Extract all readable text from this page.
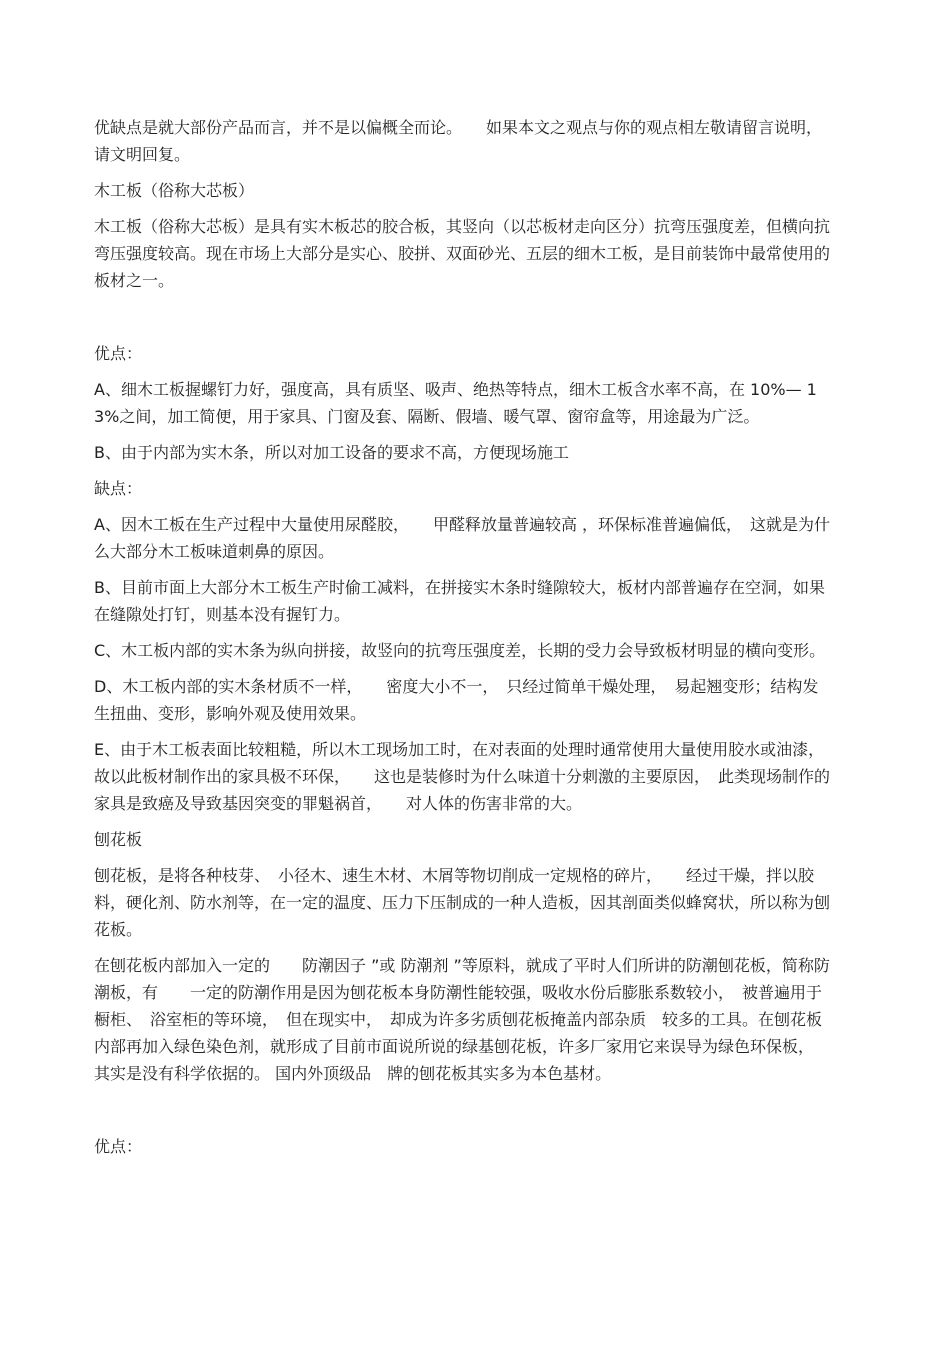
优缺点是就大部份产品而言，并不是以偏概全而论。　　如果本文之观点与你的观点相左敬请留言说明，请文明回复。

木工板（俗称大芯板）

木工板（俗称大芯板）是具有实木板芯的胶合板，其竖向（以芯板材走向区分）抗弯压强度差，但横向抗弯压强度较高。现在市场上大部分是实心、胶拼、双面砂光、五层的细木工板，是目前装饰中最常使用的板材之一。

优点：

A、细木工板握螺钉力好，强度高，具有质坚、吸声、绝热等特点，细木工板含水率不高，在 10%— 13%之间，加工简便，用于家具、门窗及套、隔断、假墙、暖气罩、窗帘盒等，用途最为广泛。

B、由于内部为实木条，所以对加工设备的要求不高，方便现场施工

缺点：

A、因木工板在生产过程中大量使用尿醛胶，　　甲醛释放量普遍较高 ，环保标准普遍偏低，　这就是为什么大部分木工板味道刺鼻的原因。

B、目前市面上大部分木工板生产时偷工减料，在拼接实木条时缝隙较大，板材内部普遍存在空洞，如果在缝隙处打钉，则基本没有握钉力。

C、木工板内部的实木条为纵向拼接，故竖向的抗弯压强度差，长期的受力会导致板材明显的横向变形。

D、木工板内部的实木条材质不一样，　　密度大小不一，　只经过简单干燥处理，　易起翘变形；结构发生扭曲、变形，影响外观及使用效果。

E、由于木工板表面比较粗糙，所以木工现场加工时，在对表面的处理时通常使用大量使用胶水或油漆，　故以此板材制作出的家具极不环保，　　这也是装修时为什么味道十分刺激的主要原因，　此类现场制作的家具是致癌及导致基因突变的罪魁祸首，　　对人体的伤害非常的大。

刨花板

刨花板，是将各种枝芽、　小径木、速生木材、木屑等物切削成一定规格的碎片，　　经过干燥，拌以胶料，硬化剂、防水剂等，在一定的温度、压力下压制成的一种人造板，因其剖面类似蜂窝状，所以称为刨花板。

在刨花板内部加入一定的　　防潮因子 ”或 防潮剂 ”等原料，就成了平时人们所讲的防潮刨花板，简称防潮板，有　　一定的防潮作用是因为刨花板本身防潮性能较强，吸收水份后膨胀系数较小，　被普遍用于橱柜、　浴室柜的等环境，　但在现实中，　却成为许多劣质刨花板掩盖内部杂质　较多的工具。在刨花板内部再加入绿色染色剂，就形成了目前市面说所说的绿基刨花板，许多厂家用它来误导为绿色环保板，　　其实是没有科学依据的。 国内外顶级品　牌的刨花板其实多为本色基材。

优点：
